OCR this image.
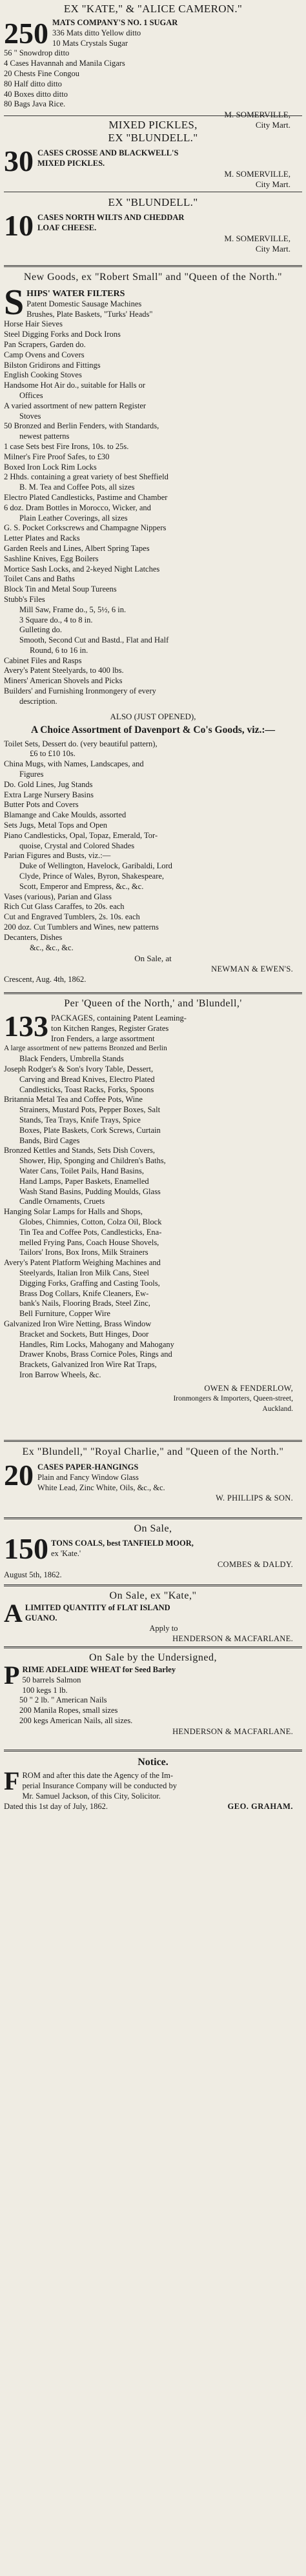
EX "KATE," & "ALICE CAMERON."
250 MATS COMPANY'S NO. 1 SUGAR
336 Mats ditto Yellow ditto
10 Mats Crystals Sugar
56 " Snowdrop ditto
4 Cases Havannah and Manila Cigars
20 Chests Fine Congou
80 Half ditto ditto
40 Boxes ditto ditto
80 Bags Java Rice.
M. SOMERVILLE,
City Mart.
MIXED PICKLES,
EX "BLUNDELL."
30 CASES CROSSE AND BLACKWELL'S
MIXED PICKLES.
M. SOMERVILLE,
City Mart.
EX "BLUNDELL."
10 CASES NORTH WILTS AND CHEDDAR
LOAF CHEESE.
M. SOMERVILLE,
City Mart.
New Goods, ex "Robert Small" and "Queen of the North."
S HIPS' WATER FILTERS
Patent Domestic Sausage Machines
Brushes, Plate Baskets, "Turks' Heads"
Horse Hair Sieves
Steel Digging Forks and Dock Irons
Pan Scrapers, Garden do.
Camp Ovens and Covers
Bilston Gridirons and Fittings
English Cooking Stoves
Handsome Hot Air do., suitable for Halls or
Offices
A varied assortment of new pattern Register
Stoves
50 Bronzed and Berlin Fenders, with Standards,
newest patterns
1 case Sets best Fire Irons, 10s. to 25s.
Milner's Fire Proof Safes, to £30
Boxed Iron Lock Rim Locks
2 Hhds. containing a great variety of best Sheffield
B. M. Tea and Coffee Pots, all sizes
Electro Plated Candlesticks, Pastime and Chamber
6 doz. Dram Bottles in Morocco, Wicker, and
Plain Leather Coverings, all sizes
G. S. Pocket Corkscrews and Champagne Nippers
Letter Plates and Racks
Garden Reels and Lines, Albert Spring Tapes
Sashline Knives, Egg Boilers
Mortice Sash Locks, and 2-keyed Night Latches
Toilet Cans and Baths
Block Tin and Metal Soup Tureens
Stubb's Files
Mill Saw, Frame do., 5, 5½, 6 in.
3 Square do., 4 to 8 in.
Gulleting do.
Smooth, Second Cut and Bastd., Flat and Half
Round, 6 to 16 in.
Cabinet Files and Rasps
Avery's Patent Steelyards, to 400 lbs.
Miners' American Shovels and Picks
Builders' and Furnishing Ironmongery of every
description.
ALSO (JUST OPENED),
A Choice Assortment of Davenport & Co's Goods, viz.:—
Toilet Sets, Dessert do. (very beautiful pattern),
£6 to £10 10s.
China Mugs, with Names, Landscapes, and
Figures
Do. Gold Lines, Jug Stands
Extra Large Nursery Basins
Butter Pots and Covers
Blamange and Cake Moulds, assorted
Sets Jugs, Metal Tops and Open
Piano Candlesticks, Opal, Topaz, Emerald, Tor-
quoise, Crystal and Colored Shades
Parian Figures and Busts, viz.:—
Duke of Wellington, Havelock, Garibaldi, Lord
Clyde, Prince of Wales, Byron, Shakespeare,
Scott, Emperor and Empress, &c., &c.
Vases (various), Parian and Glass
Rich Cut Glass Caraffes, to 20s. each
Cut and Engraved Tumblers, 2s. 10s. each
200 doz. Cut Tumblers and Wines, new patterns
Decanters, Dishes
&c., &c., &c.
On Sale, at
NEWMAN & EWEN'S.
Crescent, Aug. 4th, 1862.
Per 'Queen of the North,' and 'Blundell,'
133 PACKAGES, containing Patent Leaming-
ton Kitchen Ranges, Register Grates
Iron Fenders, a large assortment
A large assortment of new patterns Bronzed and Berlin
Black Fenders, Umbrella Stands
Joseph Rodger's & Son's Ivory Table, Dessert,
Carving and Bread Knives, Electro Plated
Candlesticks, Toast Racks, Forks, Spoons
Britannia Metal Tea and Coffee Pots, Wine
Strainers, Mustard Pots, Pepper Boxes, Salt
Stands, Tea Trays, Knife Trays, Spice
Boxes, Plate Baskets, Cork Screws, Curtain
Bands, Bird Cages
Bronzed Kettles and Stands, Sets Dish Covers,
Shower, Hip, Sponging and Children's Baths,
Water Cans, Toilet Pails, Hand Basins,
Hand Lamps, Paper Baskets, Enamelled
Wash Stand Basins, Pudding Moulds, Glass
Candle Ornaments, Cruets
Hanging Solar Lamps for Halls and Shops,
Globes, Chimnies, Cotton, Colza Oil, Block
Tin Tea and Coffee Pots, Candlesticks, Ena-
melled Frying Pans, Coach House Shovels,
Tailors' Irons, Box Irons, Milk Strainers
Avery's Patent Platform Weighing Machines and
Steelyards, Italian Iron Milk Cans, Steel
Digging Forks, Graffing and Casting Tools,
Brass Dog Collars, Knife Cleaners, Ew-
bank's Nails, Flooring Brads, Steel Zinc,
Bell Furniture, Copper Wire
Galvanized Iron Wire Netting, Brass Window
Bracket and Sockets, Butt Hinges, Door
Handles, Rim Locks, Mahogany and Mahogany
Drawer Knobs, Brass Cornice Poles, Rings and
Brackets, Galvanized Iron Wire Rat Traps,
Iron Barrow Wheels, &c.
OWEN & FENDERLOW,
Ironmongers & Importers, Queen-street,
Auckland.
Ex "Blundell," "Royal Charlie," and "Queen of the North."
20 CASES PAPER-HANGINGS
Plain and Fancy Window Glass
White Lead, Zinc White, Oils, &c., &c.
W. PHILLIPS & SON.
On Sale,
150 TONS COALS, best TANFIELD MOOR,
ex 'Kate.'
COMBES & DALDY.
August 5th, 1862.
On Sale, ex "Kate,"
A LIMITED QUANTITY of FLAT ISLAND
GUANO.
Apply to
HENDERSON & MACFARLANE.
On Sale by the Undersigned,
P RIME ADELAIDE WHEAT for Seed Barley
50 barrels Salmon
100 kegs 1 lb.
50 " 2 lb. " American Nails
200 Manila Ropes, small sizes
200 kegs American Nails, all sizes.
HENDERSON & MACFARLANE.
Notice.
F ROM and after this date the Agency of the Im-
perial Insurance Company will be conducted by
Mr. Samuel Jackson, of this City, Solicitor.
Dated this 1st day of July, 1862.	GEO. GRAHAM.
